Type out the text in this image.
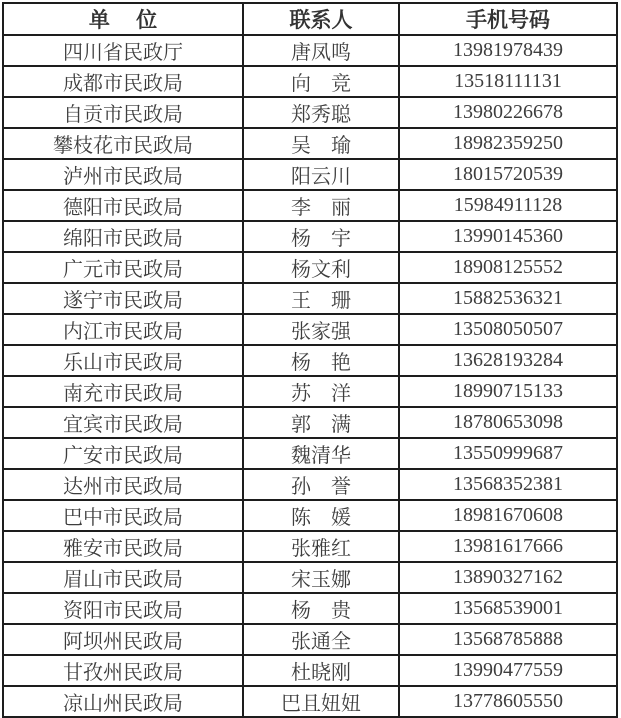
单　 位	联系人	手机号码
四川省民政厅	唐凤鸣	13981978439
成都市民政局	向　竞	13518111131
自贡市民政局	郑秀聪	13980226678
攀枝花市民政局	吴　瑜	18982359250
泸州市民政局	阳云川	18015720539
德阳市民政局	李　丽	15984911128
绵阳市民政局	杨　宇	13990145360
广元市民政局	杨文利	18908125552
遂宁市民政局	王　珊	15882536321
内江市民政局	张家强	13508050507
乐山市民政局	杨　艳	13628193284
南充市民政局	苏　洋	18990715133
宜宾市民政局	郭　满	18780653098
广安市民政局	魏清华	13550999687
达州市民政局	孙　誉	13568352381
巴中市民政局	陈　媛	18981670608
雅安市民政局	张雅红	13981617666
眉山市民政局	宋玉娜	13890327162
资阳市民政局	杨　贵	13568539001
阿坝州民政局	张通全	13568785888
甘孜州民政局	杜晓刚	13990477559
凉山州民政局	巴且妞妞	13778605550
